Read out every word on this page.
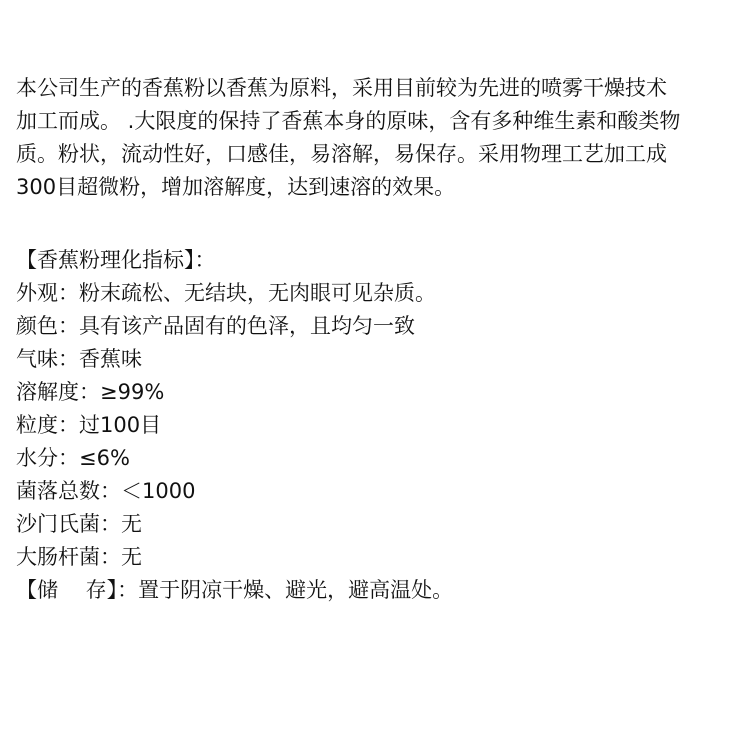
本公司生产的香蕉粉以香蕉为原料，采用目前较为先进的喷雾干燥技术
加工而成。 .大限度的保持了香蕉本身的原味，含有多种维生素和酸类物
质。粉状，流动性好，口感佳，易溶解，易保存。采用物理工艺加工成
300目超微粉，增加溶解度，达到速溶的效果。
【香蕉粉理化指标】：
外观：粉末疏松、无结块，无肉眼可见杂质。
颜色：具有该产品固有的色泽，且均匀一致
气味：香蕉味
溶解度：≥99%
粒度：过100目
水分：≤6%
菌落总数：＜1000
沙门氏菌：无
大肠杆菌：无
【储　 存】：置于阴凉干燥、避光，避高温处。
